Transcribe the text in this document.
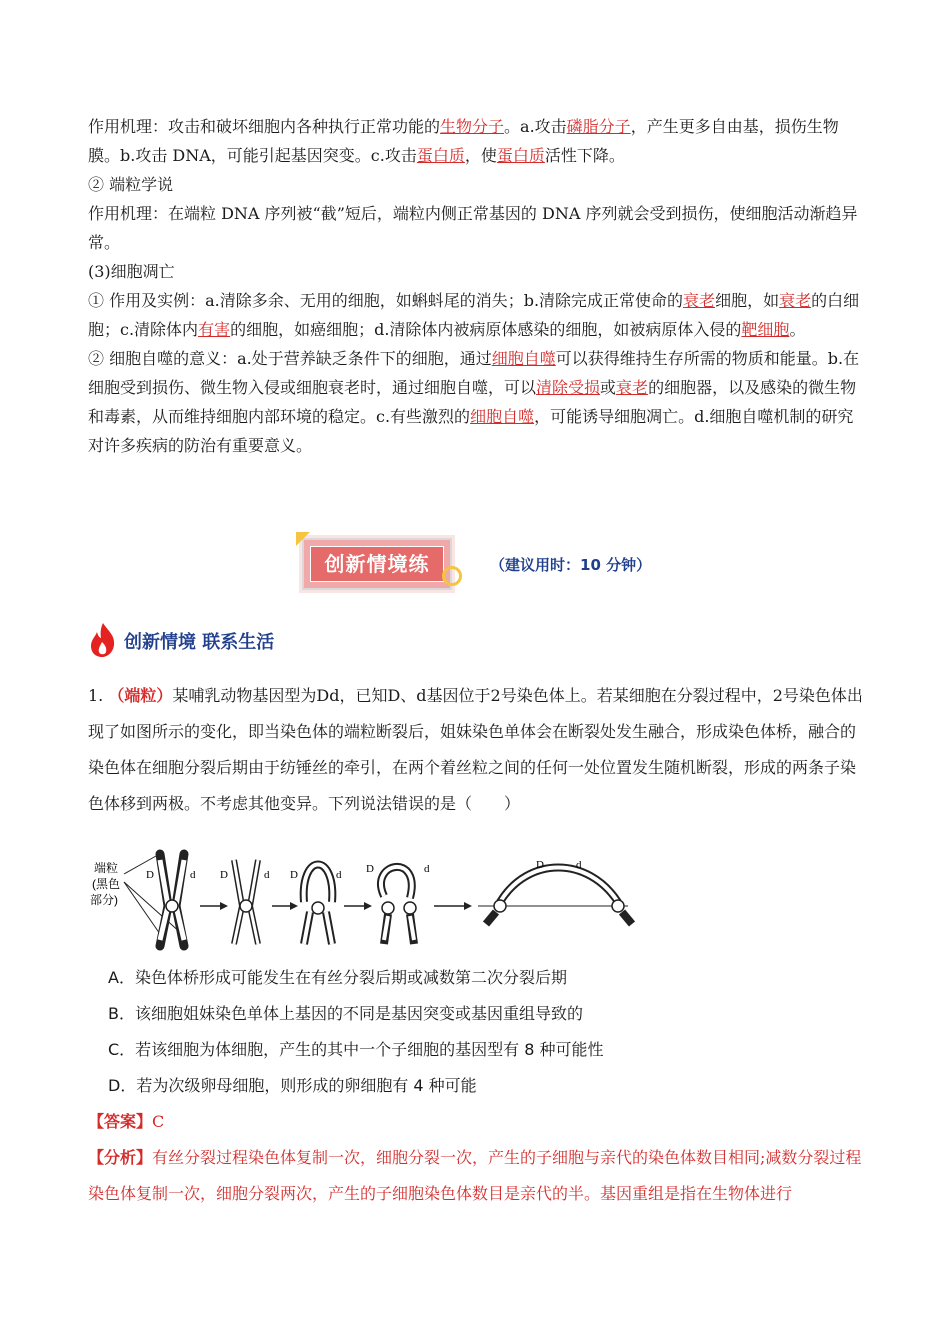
作用机理：攻击和破坏细胞内各种执行正常功能的生物分子。a.攻击磷脂分子，产生更多自由基，损伤生物膜。b.攻击 DNA，可能引起基因突变。c.攻击蛋白质，使蛋白质活性下降。

② 端粒学说

作用机理：在端粒 DNA 序列被“截”短后，端粒内侧正常基因的 DNA 序列就会受到损伤，使细胞活动渐趋异常。

(3)细胞凋亡

① 作用及实例：a.清除多余、无用的细胞，如蝌蚪尾的消失；b.清除完成正常使命的衰老细胞，如衰老的白细胞；c.清除体内有害的细胞，如癌细胞；d.清除体内被病原体感染的细胞，如被病原体入侵的靶细胞。

② 细胞自噬的意义：a.处于营养缺乏条件下的细胞，通过细胞自噬可以获得维持生存所需的物质和能量。b.在细胞受到损伤、微生物入侵或细胞衰老时，通过细胞自噬，可以清除受损或衰老的细胞器，以及感染的微生物和毒素，从而维持细胞内部环境的稳定。c.有些激烈的细胞自噬，可能诱导细胞凋亡。d.细胞自噬机制的研究对许多疾病的防治有重要意义。

创新情境练	（建议用时：10 分钟）
创新情境 联系生活

1. （端粒）某哺乳动物基因型为Dd，已知D、d基因位于2号染色体上。若某细胞在分裂过程中，2号染色体出现了如图所示的变化，即当染色体的端粒断裂后，姐妹染色单体会在断裂处发生融合，形成染色体桥，融合的染色体在细胞分裂后期由于纺锤丝的牵引，在两个着丝粒之间的任何一处位置发生随机断裂，形成的两条子染色体移到两极。不考虑其他变异。下列说法错误的是（　　）

端粒
(黑色
部分)
D	d D	d D	d D	d	D	d
A．染色体桥形成可能发生在有丝分裂后期或减数第二次分裂后期
B．该细胞姐妹染色单体上基因的不同是基因突变或基因重组导致的
C．若该细胞为体细胞，产生的其中一个子细胞的基因型有 8 种可能性
D．若为次级卵母细胞，则形成的卵细胞有 4 种可能

【答案】C

【分析】有丝分裂过程染色体复制一次，细胞分裂一次，产生的子细胞与亲代的染色体数目相同;减数分裂过程染色体复制一次，细胞分裂两次，产生的子细胞染色体数目是亲代的半。基因重组是指在生物体进行
